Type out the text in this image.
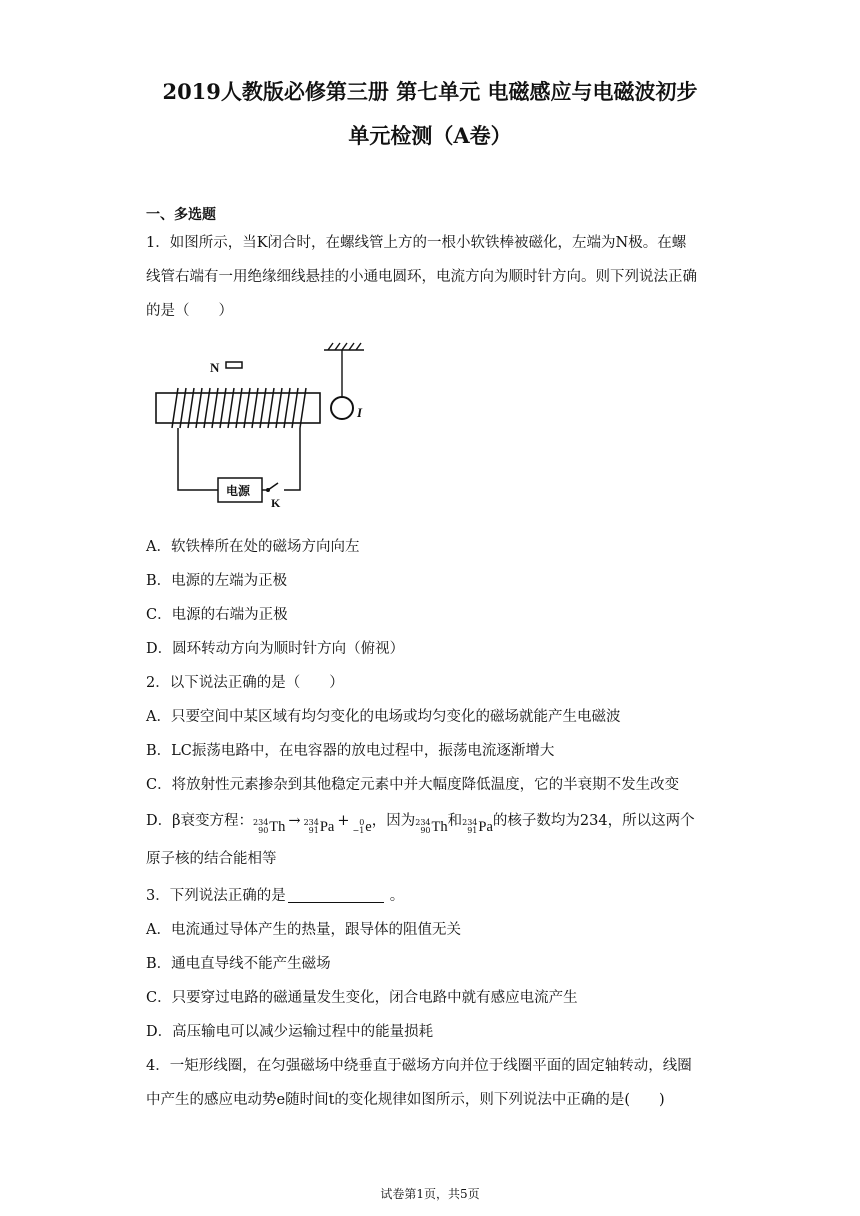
2019人教版必修第三册 第七单元 电磁感应与电磁波初步
单元检测（A卷）
一、多选题
1．如图所示，当K闭合时，在螺线管上方的一根小软铁棒被磁化，左端为N极。在螺
线管右端有一用绝缘细线悬挂的小通电圆环，电流方向为顺时针方向。则下列说法正确
的是（　　）
N
K
电源
I
A．软铁棒所在处的磁场方向向左
B．电源的左端为正极
C．电源的右端为正极
D．圆环转动方向为顺时针方向（俯视）
2．以下说法正确的是（　　）
A．只要空间中某区域有均匀变化的电场或均匀变化的磁场就能产生电磁波
B．LC振荡电路中，在电容器的放电过程中，振荡电流逐渐增大
C．将放射性元素掺杂到其他稳定元素中并大幅度降低温度，它的半衰期不发生改变
D．β衰变方程： 234
90 Th → 234
91 Pa +	0
−1 e ，因为 234
90 Th 和 234
91 Pa 的核子数均为234，所以这两个
原子核的结合能相等
3．下列说法正确的是	。
A．电流通过导体产生的热量，跟导体的阻值无关
B．通电直导线不能产生磁场
C．只要穿过电路的磁通量发生变化，闭合电路中就有感应电流产生
D．高压输电可以减少运输过程中的能量损耗
4．一矩形线圈，在匀强磁场中绕垂直于磁场方向并位于线圈平面的固定轴转动，线圈
中产生的感应电动势e随时间t的变化规律如图所示，则下列说法中正确的是(　　)
试卷第1页，共5页
